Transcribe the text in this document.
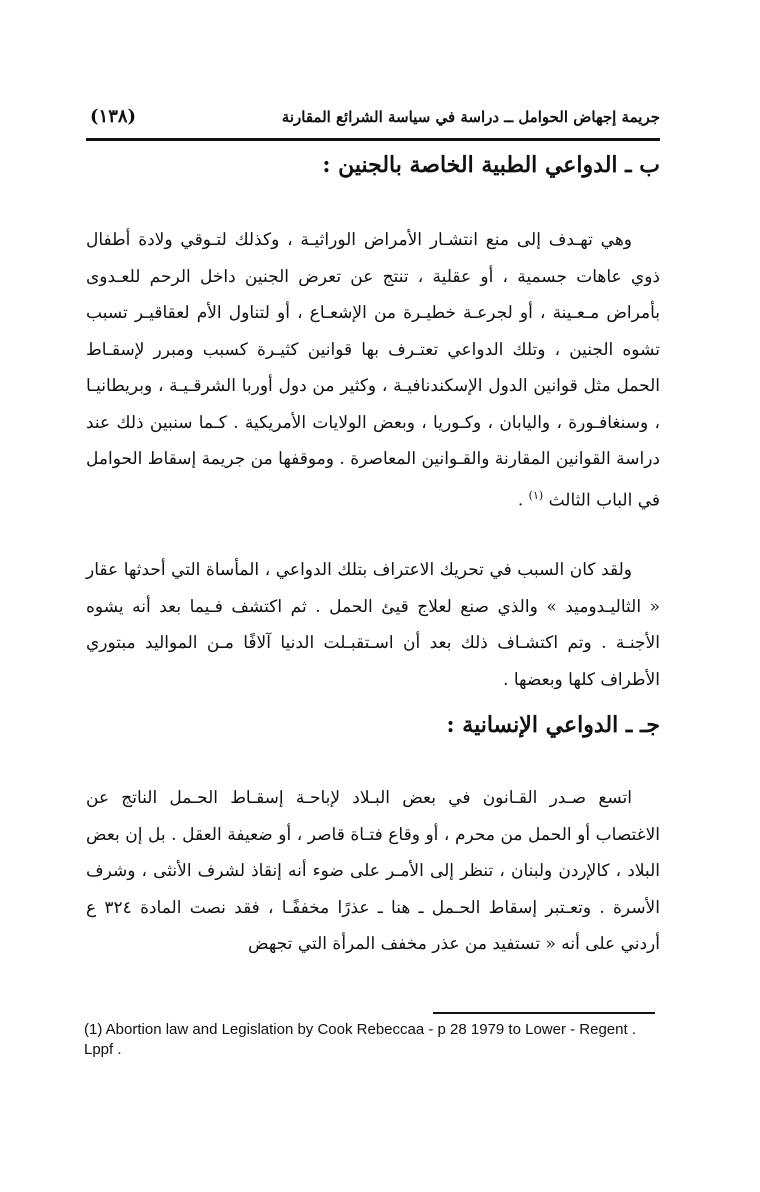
جريمة إجهاض الحوامل ــ دراسة في سياسة الشرائع المقارنة
(١٣٨)
ب ـ الدواعي الطبية الخاصة بالجنين :

وهي تهـدف إلى منع انتشـار الأمراض الوراثيـة ، وكذلك لتـوقي ولادة أطفال ذوي عاهات جسمية ، أو عقلية ، تنتج عن تعرض الجنين داخل الرحم للعـدوى بأمراض مـعـينة ، أو لجرعـة خطيـرة من الإشعـاع ، أو لتناول الأم لعقاقيـر تسبب تشوه الجنين ، وتلك الدواعي تعتـرف بها قوانين كثيـرة كسبب ومبرر لإسقـاط الحمل مثل قوانين الدول الإسكندنافيـة ، وكثير من دول أوربا الشرقـيـة ، وبريطانيـا ، وسنغافـورة ، واليابان ، وكـوريا ، وبعض الولايات الأمريكية . كـما سنبين ذلك عند دراسة القوانين المقارنة والقـوانين المعاصرة . وموقفها من جريمة إسقاط الحوامل في الباب الثالث $^{(١)}$ .

ولقد كان السبب في تحريك الاعتراف بتلك الدواعي ، المأساة التي أحدثها عقار « الثاليـدوميد » والذي صنع لعلاج قيئ الحمل . ثم اكتشف فـيما بعد أنه يشوه الأجنـة . وتم اكتشـاف ذلك بعد أن اسـتقبـلت الدنيا آلافًا مـن المواليد مبتوري الأطراف كلها وبعضها .

جـ ـ الدواعي الإنسانية :

اتسع صـدر القـانون في بعض البـلاد لإباحـة إسقـاط الحـمل الناتج عن الاغتصاب أو الحمل من محرم ، أو وقاع فتـاة قاصر ، أو ضعيفة العقل . بل إن بعض البلاد ، كالإردن ولبنان ، تنظر إلى الأمـر على ضوء أنه إنقاذ لشرف الأنثى ، وشرف الأسرة . وتعـتبر إسقاط الحـمل ـ هنا ـ عذرًا مخففًـا ، فقد نصت المادة ٣٢٤ ع أردني على أنه « تستفيد من عذر مخفف المرأة التي تجهض

(1) Abortion law and Legislation by Cook Rebeccaa - p 28 1979 to Lower - Regent . Lppf .
